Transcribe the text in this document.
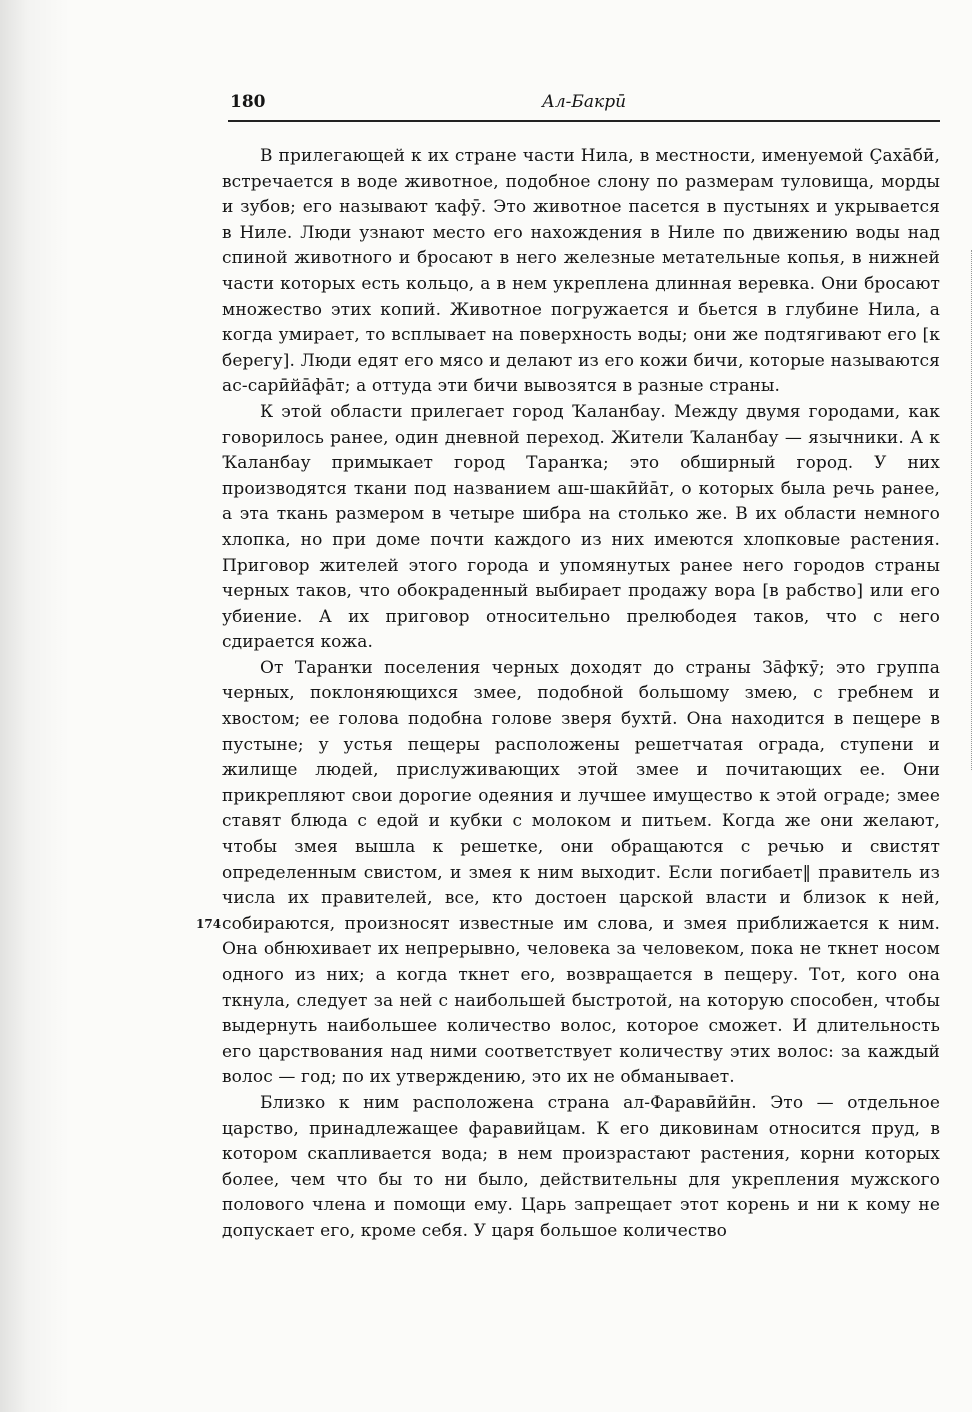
180	Ал-Бакрӣ
174

В прилегающей к их стране части Нила, в местности, именуемой Ҫаха̄бӣ, встречается в воде животное, подобное слону по размерам туловища, морды и зубов; его называют ҡафӯ. Это животное пасется в пустынях и укрывается в Ниле. Люди узнают место его нахождения в Ниле по движению воды над спиной животного и бросают в него железные метательные копья, в нижней части которых есть кольцо, а в нем укреплена длинная веревка. Они бросают множество этих копий. Животное погружается и бьется в глубине Нила, а когда умирает, то всплывает на поверхность воды; они же подтягивают его [к берегу]. Люди едят его мясо и делают из его кожи бичи, которые называются ас-сарӣйа̄фа̄т; а оттуда эти бичи вывозятся в разные страны.

К этой области прилегает город Ҡаланбау. Между двумя городами, как говорилось ранее, один дневной переход. Жители Ҡаланбау — язычники. А к Ҡаланбау примыкает город Таранҡа; это обширный город. У них производятся ткани под названием аш-шакӣйа̄т, о которых была речь ранее, а эта ткань размером в четыре шибра на столько же. В их области немного хлопка, но при доме почти каждого из них имеются хлопковые растения. Приговор жителей этого города и упомянутых ранее него городов страны черных таков, что обокраденный выбирает продажу вора [в рабство] или его убиение. А их приговор относительно прелюбодея таков, что с него сдирается кожа.

От Таранҡи поселения черных доходят до страны За̄фҡӯ; это группа черных, поклоняющихся змее, подобной большому змею, с гребнем и хвостом; ее голова подобна голове зверя бухтӣ. Она находится в пещере в пустыне; у устья пещеры расположены решетчатая ограда, ступени и жилище людей, прислуживающих этой змее и почитающих ее. Они прикрепляют свои дорогие одеяния и лучшее имущество к этой ограде; змее ставят блюда с едой и кубки с молоком и питьем. Когда же они желают, чтобы змея вышла к решетке, они обращаются с речью и свистят определенным свистом, и змея к ним выходит. Если погибает‖ правитель из числа их правителей, все, кто достоен царской власти и близок к ней, собираются, произносят известные им слова, и змея приближается к ним. Она обнюхивает их непрерывно, человека за человеком, пока не ткнет носом одного из них; а когда ткнет его, возвращается в пещеру. Тот, кого она ткнула, следует за ней с наибольшей быстротой, на которую способен, чтобы выдернуть наибольшее количество волос, которое сможет. И длительность его царствования над ними соответствует количеству этих волос: за каждый волос — год; по их утверждению, это их не обманывает.

Близко к ним расположена страна ал-Фаравӣйӣн. Это — отдельное царство, принадлежащее фаравийцам. К его диковинам относится пруд, в котором скапливается вода; в нем произрастают растения, корни которых более, чем что бы то ни было, действительны для укрепления мужского полового члена и помощи ему. Царь запрещает этот корень и ни к кому не допускает его, кроме себя. У царя большое количество
